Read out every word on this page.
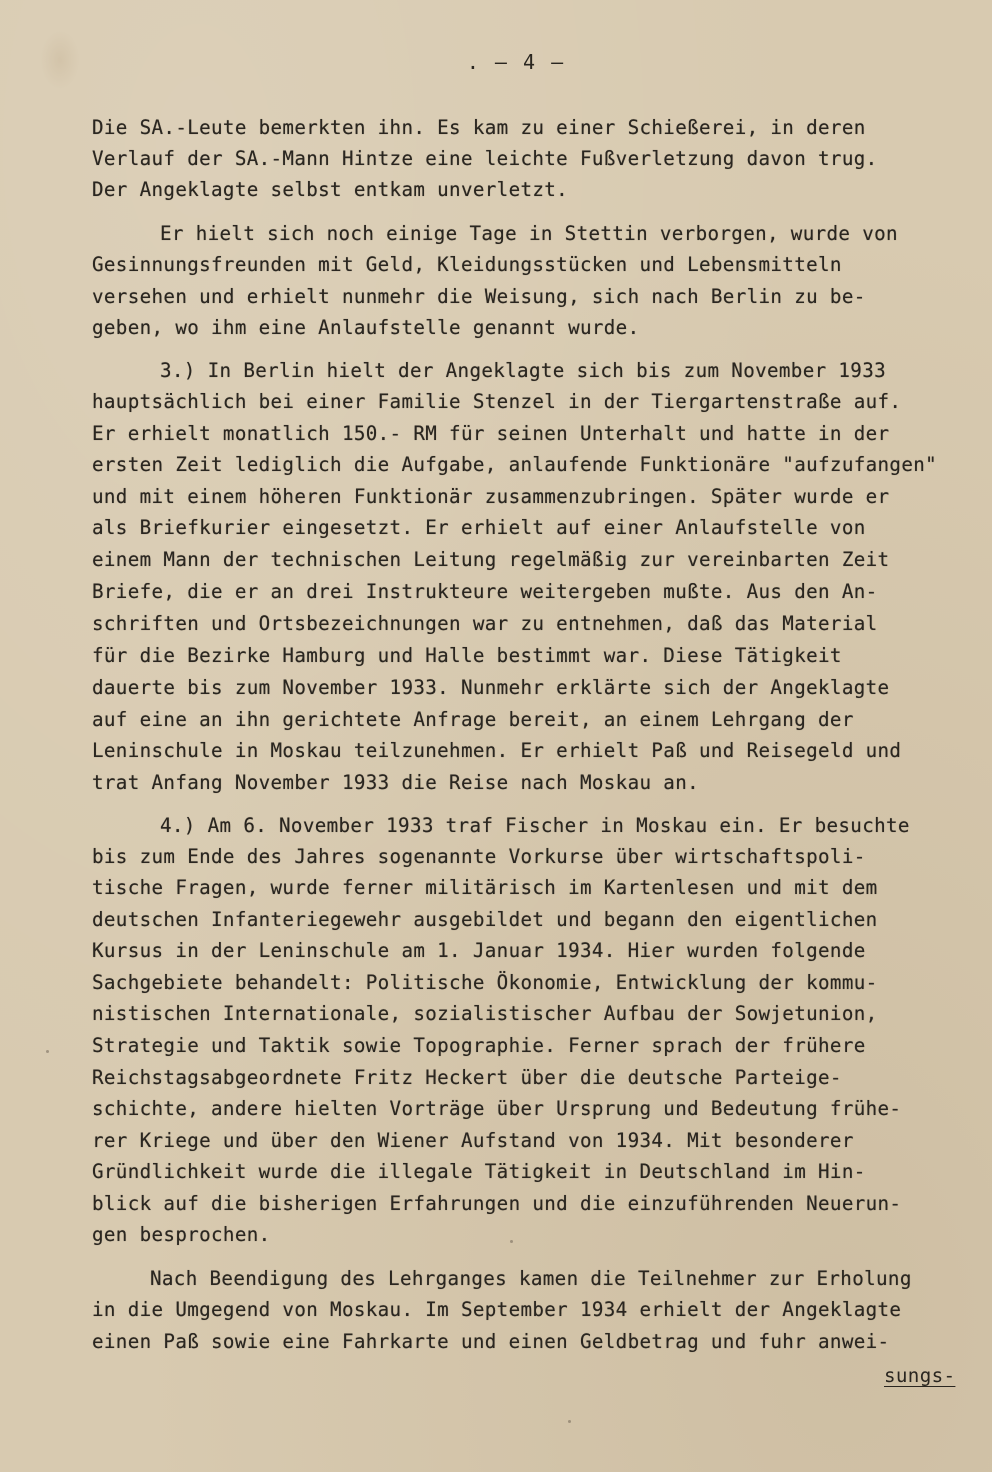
. – 4 –
Die SA.-Leute bemerkten ihn. Es kam zu einer Schießerei, in deren
Verlauf der SA.-Mann Hintze eine leichte Fußverletzung davon trug.
Der Angeklagte selbst entkam unverletzt.
Er hielt sich noch einige Tage in Stettin verborgen, wurde von
Gesinnungsfreunden mit Geld, Kleidungsstücken und Lebensmitteln
versehen und erhielt nunmehr die Weisung, sich nach Berlin zu be-
geben, wo ihm eine Anlaufstelle genannt wurde.
3.) In Berlin hielt der Angeklagte sich bis zum November 1933
hauptsächlich bei einer Familie Stenzel in der Tiergartenstraße auf.
Er erhielt monatlich 150.- RM für seinen Unterhalt und hatte in der
ersten Zeit lediglich die Aufgabe, anlaufende Funktionäre "aufzufangen"
und mit einem höheren Funktionär zusammenzubringen. Später wurde er
als Briefkurier eingesetzt. Er erhielt auf einer Anlaufstelle von
einem Mann der technischen Leitung regelmäßig zur vereinbarten Zeit
Briefe, die er an drei Instrukteure weitergeben mußte. Aus den An-
schriften und Ortsbezeichnungen war zu entnehmen, daß das Material
für die Bezirke Hamburg und Halle bestimmt war. Diese Tätigkeit
dauerte bis zum November 1933. Nunmehr erklärte sich der Angeklagte
auf eine an ihn gerichtete Anfrage bereit, an einem Lehrgang der
Leninschule in Moskau teilzunehmen. Er erhielt Paß und Reisegeld und
trat Anfang November 1933 die Reise nach Moskau an.
4.) Am 6. November 1933 traf Fischer in Moskau ein. Er besuchte
bis zum Ende des Jahres sogenannte Vorkurse über wirtschaftspoli-
tische Fragen, wurde ferner militärisch im Kartenlesen und mit dem
deutschen Infanteriegewehr ausgebildet und begann den eigentlichen
Kursus in der Leninschule am 1. Januar 1934. Hier wurden folgende
Sachgebiete behandelt: Politische Ökonomie, Entwicklung der kommu-
nistischen Internationale, sozialistischer Aufbau der Sowjetunion,
Strategie und Taktik sowie Topographie. Ferner sprach der frühere
Reichstagsabgeordnete Fritz Heckert über die deutsche Parteige-
schichte, andere hielten Vorträge über Ursprung und Bedeutung frühe-
rer Kriege und über den Wiener Aufstand von 1934. Mit besonderer
Gründlichkeit wurde die illegale Tätigkeit in Deutschland im Hin-
blick auf die bisherigen Erfahrungen und die einzuführenden Neuerun-
gen besprochen.
Nach Beendigung des Lehrganges kamen die Teilnehmer zur Erholung
in die Umgegend von Moskau. Im September 1934 erhielt der Angeklagte
einen Paß sowie eine Fahrkarte und einen Geldbetrag und fuhr anwei-
sungs-
